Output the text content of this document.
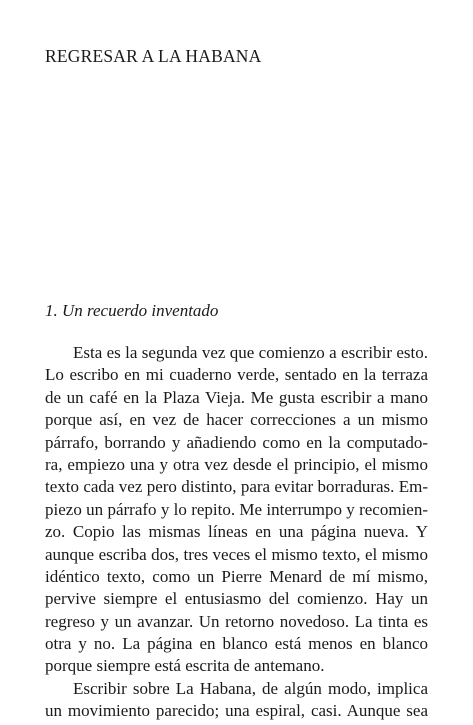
REGRESAR A LA HABANA
1. Un recuerdo inventado
Esta es la segunda vez que comienzo a escribir esto.
Lo escribo en mi cuaderno verde, sentado en la terraza
de un café en la Plaza Vieja. Me gusta escribir a mano
porque así, en vez de hacer correcciones a un mismo
párrafo, borrando y añadiendo como en la computado-
ra, empiezo una y otra vez desde el principio, el mismo
texto cada vez pero distinto, para evitar borraduras. Em-
piezo un párrafo y lo repito. Me interrumpo y recomien-
zo. Copio las mismas líneas en una página nueva. Y
aunque escriba dos, tres veces el mismo texto, el mismo
idéntico texto, como un Pierre Menard de mí mismo,
pervive siempre el entusiasmo del comienzo. Hay un
regreso y un avanzar. Un retorno novedoso. La tinta es
otra y no. La página en blanco está menos en blanco
porque siempre está escrita de antemano.
Escribir sobre La Habana, de algún modo, implica
un movimiento parecido; una espiral, casi. Aunque sea
